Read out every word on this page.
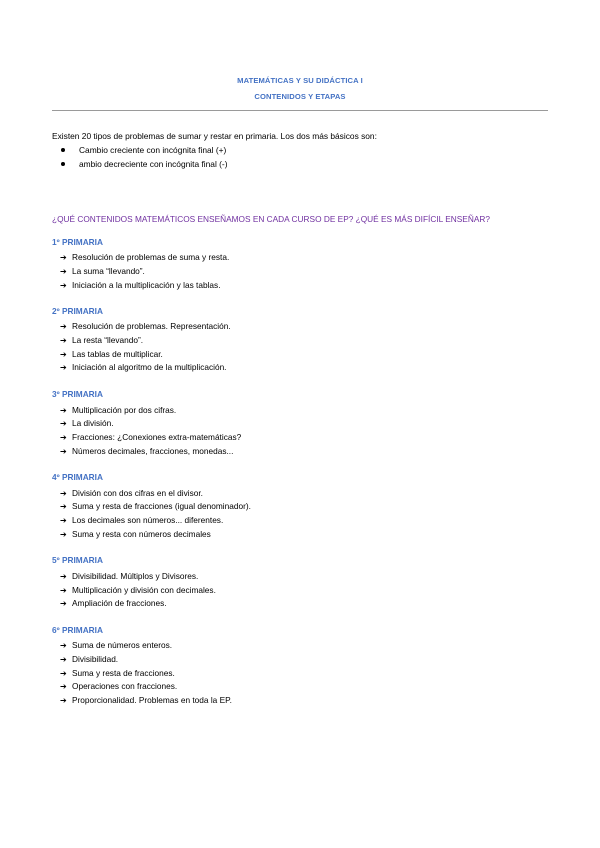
MATEMÁTICAS Y SU DIDÁCTICA I
CONTENIDOS Y ETAPAS
Existen 20 tipos de problemas de sumar y restar en primaria. Los dos más básicos son:
Cambio creciente con incógnita final (+)
ambio decreciente con incógnita final (-)
¿QUÉ CONTENIDOS MATEMÁTICOS ENSEÑAMOS EN CADA CURSO DE EP? ¿QUÉ ES MÁS DIFÍCIL ENSEÑAR?
1º PRIMARIA
➔ Resolución de problemas de suma y resta.
➔ La suma “llevando”.
➔ Iniciación a la multiplicación y las tablas.
2º PRIMARIA
➔ Resolución de problemas. Representación.
➔ La resta “llevando”.
➔ Las tablas de multiplicar.
➔ Iniciación al algoritmo de la multiplicación.
3º PRIMARIA
➔ Multiplicación por dos cifras.
➔ La división.
➔ Fracciones: ¿Conexiones extra-matemáticas?
➔ Números decimales, fracciones, monedas...
4º PRIMARIA
➔ División con dos cifras en el divisor.
➔ Suma y resta de fracciones (igual denominador).
➔ Los decimales son números... diferentes.
➔ Suma y resta con números decimales
5º PRIMARIA
➔ Divisibilidad. Múltiplos y Divisores.
➔ Multiplicación y división con decimales.
➔ Ampliación de fracciones.
6º PRIMARIA
➔ Suma de números enteros.
➔ Divisibilidad.
➔ Suma y resta de fracciones.
➔ Operaciones con fracciones.
➔ Proporcionalidad. Problemas en toda la EP.
